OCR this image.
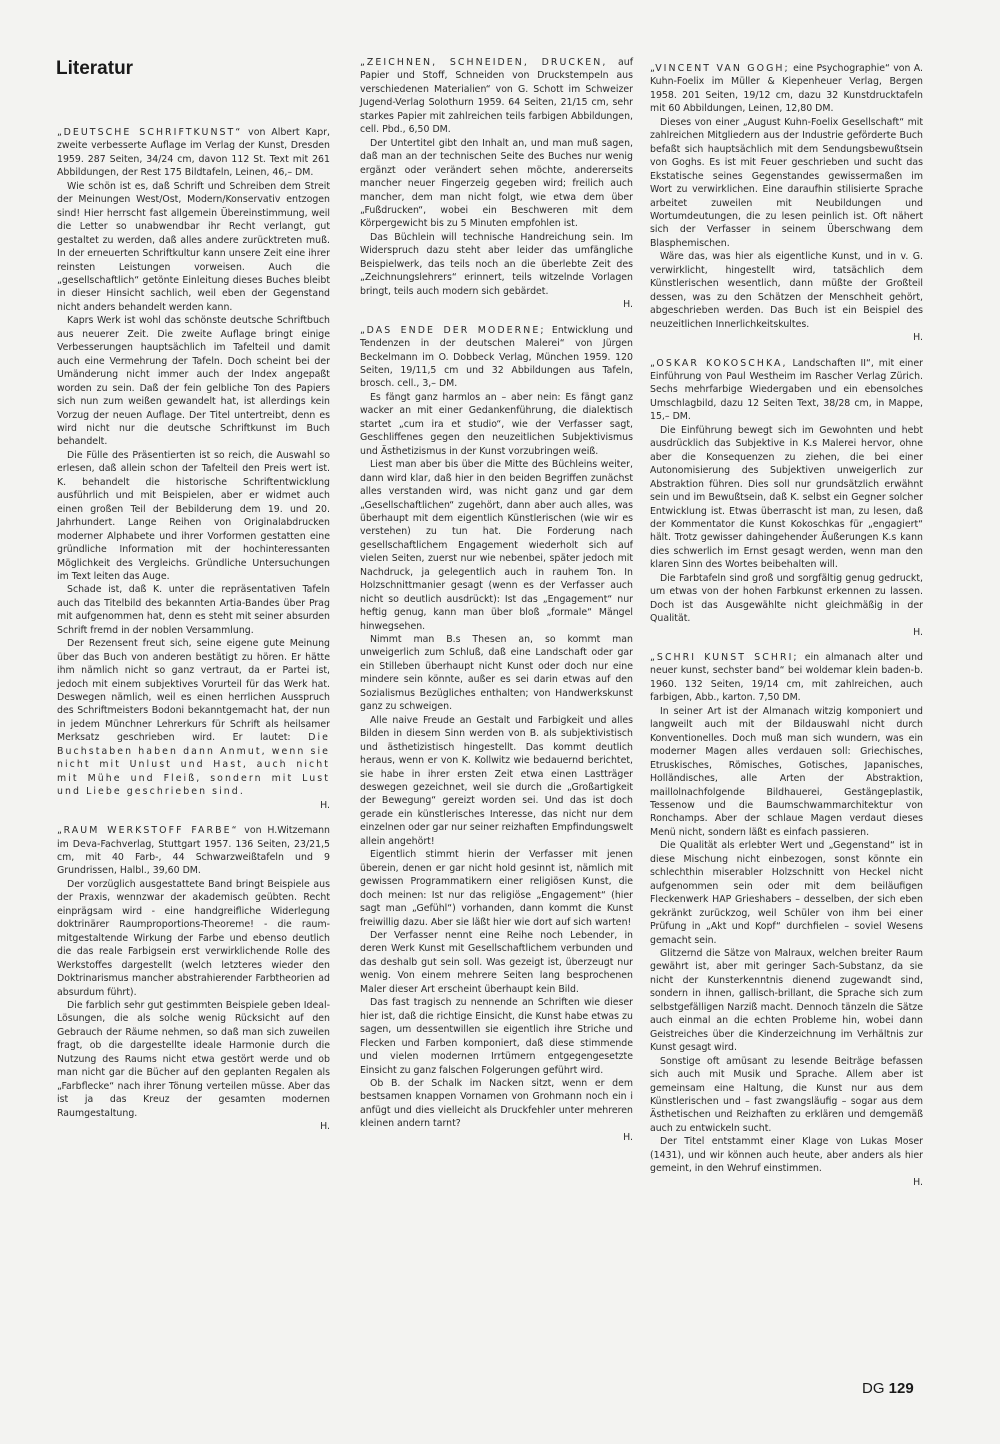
Literatur

„DEUTSCHE SCHRIFTKUNST“ von Albert Kapr, zweite verbesserte Auflage im Verlag der Kunst, Dresden 1959. 287 Seiten, 34/24 cm, davon 112 St. Text mit 261 Abbildungen, der Rest 175 Bildtafeln, Leinen, 46,– DM.

Wie schön ist es, daß Schrift und Schreiben dem Streit der Meinungen West/Ost, Modern/Konservativ entzogen sind! Hier herrscht fast allgemein Übereinstimmung, weil die Letter so unabwendbar ihr Recht verlangt, gut gestaltet zu werden, daß alles andere zurücktreten muß. In der erneuerten Schriftkultur kann unsere Zeit eine ihrer reinsten Leistungen vorweisen. Auch die „gesellschaftlich“ getönte Einleitung dieses Buches bleibt in dieser Hinsicht sachlich, weil eben der Gegenstand nicht anders behandelt werden kann.

Kaprs Werk ist wohl das schönste deutsche Schriftbuch aus neuerer Zeit. Die zweite Auflage bringt einige Verbesserungen hauptsächlich im Tafelteil und damit auch eine Vermehrung der Tafeln. Doch scheint bei der Umänderung nicht immer auch der Index angepaßt worden zu sein. Daß der fein gelbliche Ton des Papiers sich nun zum weißen gewandelt hat, ist allerdings kein Vorzug der neuen Auflage. Der Titel untertreibt, denn es wird nicht nur die deutsche Schriftkunst im Buch behandelt.

Die Fülle des Präsentierten ist so reich, die Auswahl so erlesen, daß allein schon der Tafelteil den Preis wert ist. K. behandelt die historische Schriftentwicklung ausführlich und mit Beispielen, aber er widmet auch einen großen Teil der Bebilderung dem 19. und 20. Jahrhundert. Lange Reihen von Originalabdrucken moderner Alphabete und ihrer Vorformen gestatten eine gründliche Information mit der hochinteressanten Möglichkeit des Vergleichs. Gründliche Untersuchungen im Text leiten das Auge.

Schade ist, daß K. unter die repräsentativen Tafeln auch das Titelbild des bekannten Artia-Bandes über Prag mit aufgenommen hat, denn es steht mit seiner absurden Schrift fremd in der noblen Versammlung.

Der Rezensent freut sich, seine eigene gute Meinung über das Buch von anderen bestätigt zu hören. Er hätte ihm nämlich nicht so ganz vertraut, da er Partei ist, jedoch mit einem subjektives Vorurteil für das Werk hat. Deswegen nämlich, weil es einen herrlichen Ausspruch des Schriftmeisters Bodoni bekanntgemacht hat, der nun in jedem Münchner Lehrerkurs für Schrift als heilsamer Merksatz geschrieben wird. Er lautet: Die Buchstaben haben dann Anmut, wenn sie nicht mit Unlust und Hast, auch nicht mit Mühe und Fleiß, sondern mit Lust und Liebe geschrieben sind.

H.

„RAUM WERKSTOFF FARBE“ von H.Witzemann im Deva-Fachverlag, Stuttgart 1957. 136 Seiten, 23/21,5 cm, mit 40 Farb-, 44 Schwarzweißtafeln und 9 Grundrissen, Halbl., 39,60 DM.

Der vorzüglich ausgestattete Band bringt Beispiele aus der Praxis, wennzwar der akademisch geübten. Recht einprägsam wird - eine handgreifliche Widerlegung doktrinärer Raumproportions-Theoreme! - die raum-mitgestaltende Wirkung der Farbe und ebenso deutlich die das reale Farbigsein erst verwirklichende Rolle des Werkstoffes dargestellt (welch letzteres wieder den Doktrinarismus mancher abstrahierender Farbtheorien ad absurdum führt).

Die farblich sehr gut gestimmten Beispiele geben Ideal-Lösungen, die als solche wenig Rücksicht auf den Gebrauch der Räume nehmen, so daß man sich zuweilen fragt, ob die dargestellte ideale Harmonie durch die Nutzung des Raums nicht etwa gestört werde und ob man nicht gar die Bücher auf den geplanten Regalen als „Farbflecke“ nach ihrer Tönung verteilen müsse. Aber das ist ja das Kreuz der gesamten modernen Raumgestaltung.

H.

„ZEICHNEN, SCHNEIDEN, DRUCKEN, auf Papier und Stoff, Schneiden von Druckstempeln aus verschiedenen Materialien“ von G. Schott im Schweizer Jugend-Verlag Solothurn 1959. 64 Seiten, 21/15 cm, sehr starkes Papier mit zahlreichen teils farbigen Abbildungen, cell. Pbd., 6,50 DM.

Der Untertitel gibt den Inhalt an, und man muß sagen, daß man an der technischen Seite des Buches nur wenig ergänzt oder verändert sehen möchte, andererseits mancher neuer Fingerzeig gegeben wird; freilich auch mancher, dem man nicht folgt, wie etwa dem über „Fußdrucken“, wobei ein Beschweren mit dem Körpergewicht bis zu 5 Minuten empfohlen ist.

Das Büchlein will technische Handreichung sein. Im Widerspruch dazu steht aber leider das umfängliche Beispielwerk, das teils noch an die überlebte Zeit des „Zeichnungslehrers“ erinnert, teils witzelnde Vorlagen bringt, teils auch modern sich gebärdet.

H.

„DAS ENDE DER MODERNE; Entwicklung und Tendenzen in der deutschen Malerei“ von Jürgen Beckelmann im O. Dobbeck Verlag, München 1959. 120 Seiten, 19/11,5 cm und 32 Abbildungen aus Tafeln, brosch. cell., 3,– DM.

Es fängt ganz harmlos an – aber nein: Es fängt ganz wacker an mit einer Gedankenführung, die dialektisch startet „cum ira et studio“, wie der Verfasser sagt, Geschliffenes gegen den neuzeitlichen Subjektivismus und Ästhetizismus in der Kunst vorzubringen weiß.

Liest man aber bis über die Mitte des Büchleins weiter, dann wird klar, daß hier in den beiden Begriffen zunächst alles verstanden wird, was nicht ganz und gar dem „Gesellschaftlichen“ zugehört, dann aber auch alles, was überhaupt mit dem eigentlich Künstlerischen (wie wir es verstehen) zu tun hat. Die Forderung nach gesellschaftlichem Engagement wiederholt sich auf vielen Seiten, zuerst nur wie nebenbei, später jedoch mit Nachdruck, ja gelegentlich auch in rauhem Ton. In Holzschnittmanier gesagt (wenn es der Verfasser auch nicht so deutlich ausdrückt): Ist das „Engagement“ nur heftig genug, kann man über bloß „formale“ Mängel hinwegsehen.

Nimmt man B.s Thesen an, so kommt man unweigerlich zum Schluß, daß eine Landschaft oder gar ein Stilleben überhaupt nicht Kunst oder doch nur eine mindere sein könnte, außer es sei darin etwas auf den Sozialismus Bezügliches enthalten; von Handwerkskunst ganz zu schweigen.

Alle naive Freude an Gestalt und Farbigkeit und alles Bilden in diesem Sinn werden von B. als subjektivistisch und ästhetizistisch hingestellt. Das kommt deutlich heraus, wenn er von K. Kollwitz wie bedauernd berichtet, sie habe in ihrer ersten Zeit etwa einen Lastträger deswegen gezeichnet, weil sie durch die „Großartigkeit der Bewegung“ gereizt worden sei. Und das ist doch gerade ein künstlerisches Interesse, das nicht nur dem einzelnen oder gar nur seiner reizhaften Empfindungswelt allein angehört!

Eigentlich stimmt hierin der Verfasser mit jenen überein, denen er gar nicht hold gesinnt ist, nämlich mit gewissen Programmatikern einer religiösen Kunst, die doch meinen: Ist nur das religiöse „Engagement“ (hier sagt man „Gefühl“) vorhanden, dann kommt die Kunst freiwillig dazu. Aber sie läßt hier wie dort auf sich warten!

Der Verfasser nennt eine Reihe noch Lebender, in deren Werk Kunst mit Gesellschaftlichem verbunden und das deshalb gut sein soll. Was gezeigt ist, überzeugt nur wenig. Von einem mehrere Seiten lang besprochenen Maler dieser Art erscheint überhaupt kein Bild.

Das fast tragisch zu nennende an Schriften wie dieser hier ist, daß die richtige Einsicht, die Kunst habe etwas zu sagen, um dessentwillen sie eigentlich ihre Striche und Flecken und Farben komponiert, daß diese stimmende und vielen modernen Irrtümern entgegengesetzte Einsicht zu ganz falschen Folgerungen geführt wird.

Ob B. der Schalk im Nacken sitzt, wenn er dem bestsamen knappen Vornamen von Grohmann noch ein i anfügt und dies vielleicht als Druckfehler unter mehreren kleinen andern tarnt?

H.

„VINCENT VAN GOGH; eine Psychographie“ von A. Kuhn-Foelix im Müller & Kiepenheuer Verlag, Bergen 1958. 201 Seiten, 19/12 cm, dazu 32 Kunstdrucktafeln mit 60 Abbildungen, Leinen, 12,80 DM.

Dieses von einer „August Kuhn-Foelix Gesellschaft“ mit zahlreichen Mitgliedern aus der Industrie geförderte Buch befaßt sich hauptsächlich mit dem Sendungsbewußtsein von Goghs. Es ist mit Feuer geschrieben und sucht das Ekstatische seines Gegenstandes gewissermaßen im Wort zu verwirklichen. Eine daraufhin stilisierte Sprache arbeitet zuweilen mit Neubildungen und Wortumdeutungen, die zu lesen peinlich ist. Oft nähert sich der Verfasser in seinem Überschwang dem Blasphemischen.

Wäre das, was hier als eigentliche Kunst, und in v. G. verwirklicht, hingestellt wird, tatsächlich dem Künstlerischen wesentlich, dann müßte der Großteil dessen, was zu den Schätzen der Menschheit gehört, abgeschrieben werden. Das Buch ist ein Beispiel des neuzeitlichen Innerlichkeitskultes.

H.

„OSKAR KOKOSCHKA, Landschaften II“, mit einer Einführung von Paul Westheim im Rascher Verlag Zürich. Sechs mehrfarbige Wiedergaben und ein ebensolches Umschlagbild, dazu 12 Seiten Text, 38/28 cm, in Mappe, 15,– DM.

Die Einführung bewegt sich im Gewohnten und hebt ausdrücklich das Subjektive in K.s Malerei hervor, ohne aber die Konsequenzen zu ziehen, die bei einer Autonomisierung des Subjektiven unweigerlich zur Abstraktion führen. Dies soll nur grundsätzlich erwähnt sein und im Bewußtsein, daß K. selbst ein Gegner solcher Entwicklung ist. Etwas überrascht ist man, zu lesen, daß der Kommentator die Kunst Kokoschkas für „engagiert“ hält. Trotz gewisser dahingehender Äußerungen K.s kann dies schwerlich im Ernst gesagt werden, wenn man den klaren Sinn des Wortes beibehalten will.

Die Farbtafeln sind groß und sorgfältig genug gedruckt, um etwas von der hohen Farbkunst erkennen zu lassen. Doch ist das Ausgewählte nicht gleichmäßig in der Qualität.

H.

„SCHRI KUNST SCHRI; ein almanach alter und neuer kunst, sechster band“ bei woldemar klein baden-b. 1960. 132 Seiten, 19/14 cm, mit zahlreichen, auch farbigen, Abb., karton. 7,50 DM.

In seiner Art ist der Almanach witzig komponiert und langweilt auch mit der Bildauswahl nicht durch Konventionelles. Doch muß man sich wundern, was ein moderner Magen alles verdauen soll: Griechisches, Etruskisches, Römisches, Gotisches, Japanisches, Holländisches, alle Arten der Abstraktion, maillolnachfolgende Bildhauerei, Gestängeplastik, Tessenow und die Baumschwammarchitektur von Ronchamps. Aber der schlaue Magen verdaut dieses Menü nicht, sondern läßt es einfach passieren.

Die Qualität als erlebter Wert und „Gegenstand“ ist in diese Mischung nicht einbezogen, sonst könnte ein schlechthin miserabler Holzschnitt von Heckel nicht aufgenommen sein oder mit dem beiläufigen Fleckenwerk HAP Grieshabers – desselben, der sich eben gekränkt zurückzog, weil Schüler von ihm bei einer Prüfung in „Akt und Kopf“ durchfielen – soviel Wesens gemacht sein.

Glitzernd die Sätze von Malraux, welchen breiter Raum gewährt ist, aber mit geringer Sach-Substanz, da sie nicht der Kunsterkenntnis dienend zugewandt sind, sondern in ihnen, gallisch-brillant, die Sprache sich zum selbstgefälligen Narziß macht. Dennoch tänzeln die Sätze auch einmal an die echten Probleme hin, wobei dann Geistreiches über die Kinderzeichnung im Verhältnis zur Kunst gesagt wird.

Sonstige oft amüsant zu lesende Beiträge befassen sich auch mit Musik und Sprache. Allem aber ist gemeinsam eine Haltung, die Kunst nur aus dem Künstlerischen und – fast zwangsläufig – sogar aus dem Ästhetischen und Reizhaften zu erklären und demgemäß auch zu entwickeln sucht.

Der Titel entstammt einer Klage von Lukas Moser (1431), und wir können auch heute, aber anders als hier gemeint, in den Wehruf einstimmen.

H.
DG 129
